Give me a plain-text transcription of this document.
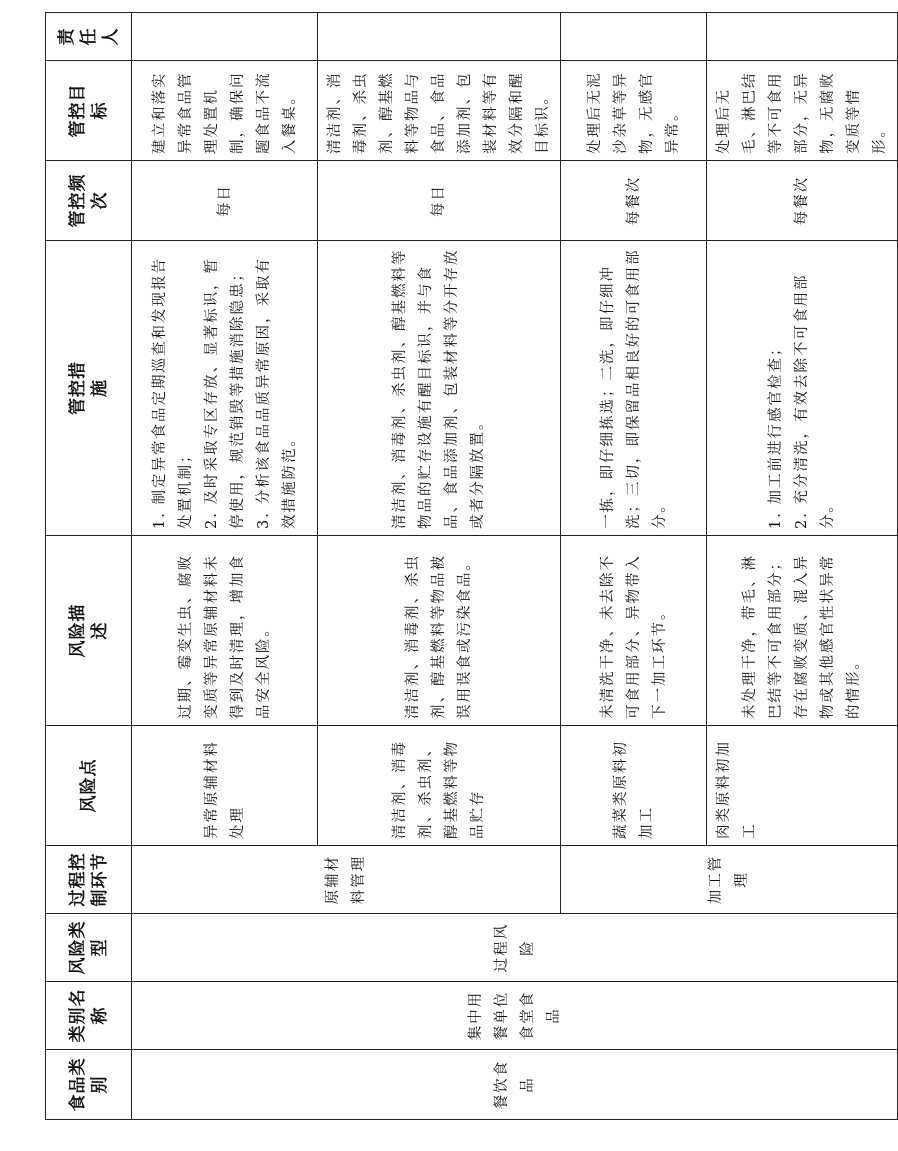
食品类别	类别名称	风险类型	过程控制环节	风险点	风险描述	管控措施	管控频次	管控目标	责任人
餐饮食品	集中用餐单位食堂食品	过程风险	原辅材料管理	异常原辅材料处理	过期、霉变生虫、腐败变质等异常原辅材料未得到及时清理，增加食品安全风险。	1. 制定异常食品定期巡查和发现报告处置机制； 2. 及时采取专区存放、显著标识，暂停使用，规范销毁等措施消除隐患； 3. 分析该食品品质异常原因，采取有效措施防范。	每日	建立和落实异常食品管理处置机制，确保问题食品不流入餐桌。	
				清洁剂、消毒剂、杀虫剂、醇基燃料等物品贮存	清洁剂、消毒剂、杀虫剂、醇基燃料等物品被误用误食或污染食品。	清洁剂、消毒剂、杀虫剂、醇基燃料等物品的贮存设施有醒目标识，并与食品、食品添加剂、包装材料等分开存放或者分隔放置。	每日	清洁剂、消毒剂、杀虫剂、醇基燃料等物品与食品、食品添加剂、包装材料等有效分隔和醒目标识。	
			加工管理	蔬菜类原料初加工	未清洗干净、未去除不可食用部分、异物带入下一加工环节。	一拣，即仔细拣选；二洗，即仔细冲洗；三切，即保留品相良好的可食用部分。	每餐次	处理后无泥沙杂草等异物，无感官异常。	
				肉类原料初加工	未处理干净，带毛、淋巴结等不可食用部分；存在腐败变质、混入异物或其他感官性状异常的情形。	1. 加工前进行感官检查； 2. 充分清洗，有效去除不可食用部分。	每餐次	处理后无毛、淋巴结等不可食用部分，无异物，无腐败变质等情形。	
